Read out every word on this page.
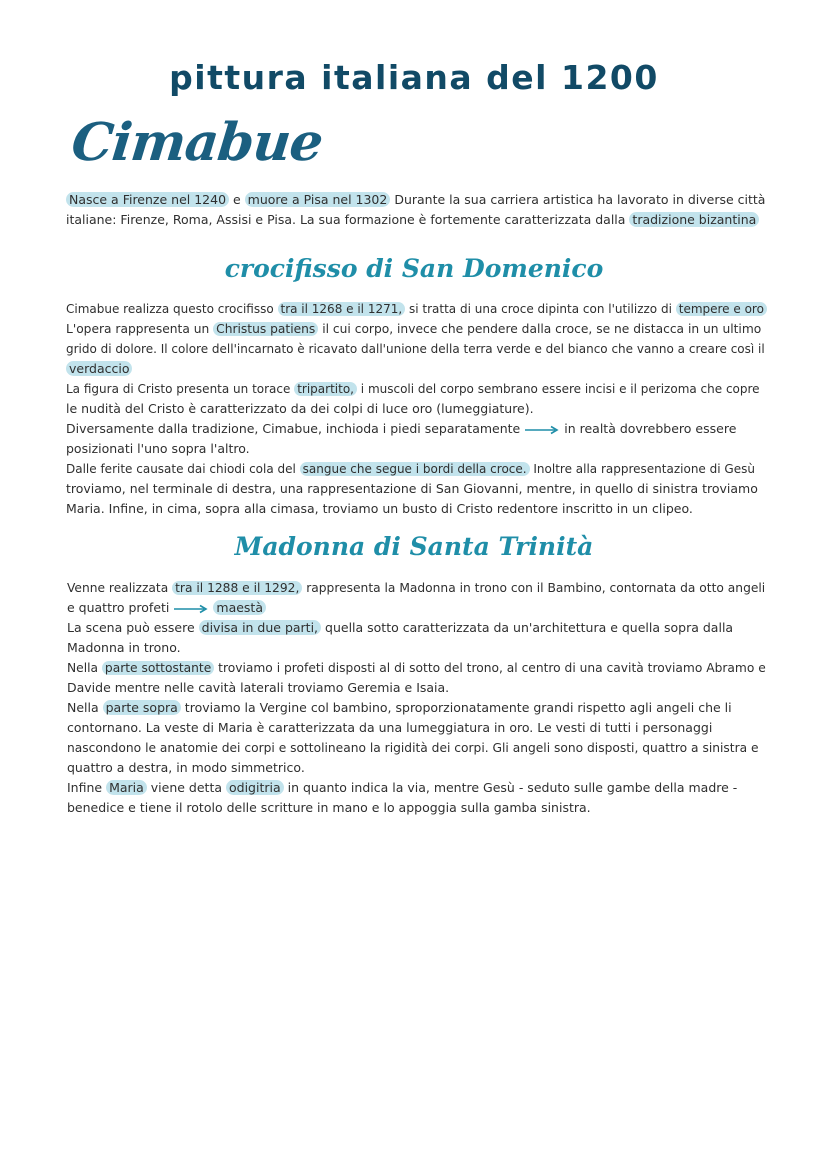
pittura italiana del 1200
Cimabue
Nasce a Firenze nel 1240 e muore a Pisa nel 1302 Durante la sua carriera artistica ha lavorato in diverse città
italiane: Firenze, Roma, Assisi e Pisa. La sua formazione è fortemente caratterizzata dalla tradizione bizantina
crocifisso di San Domenico
Cimabue realizza questo crocifisso tra il 1268 e il 1271, si tratta di una croce dipinta con l'utilizzo di tempere e oro
L'opera rappresenta un Christus patiens il cui corpo, invece che pendere dalla croce, se ne distacca in un ultimo
grido di dolore. Il colore dell'incarnato è ricavato dall'unione della terra verde e del bianco che vanno a creare così il
verdaccio
La figura di Cristo presenta un torace tripartito, i muscoli del corpo sembrano essere incisi e il perizoma che copre
le nudità del Cristo è caratterizzato da dei colpi di luce oro (lumeggiature).
Diversamente dalla tradizione, Cimabue, inchioda i piedi separatamente	in realtà dovrebbero essere
posizionati l'uno sopra l'altro.
Dalle ferite causate dai chiodi cola del sangue che segue i bordi della croce. Inoltre alla rappresentazione di Gesù
troviamo, nel terminale di destra, una rappresentazione di San Giovanni, mentre, in quello di sinistra troviamo
Maria. Infine, in cima, sopra alla cimasa, troviamo un busto di Cristo redentore inscritto in un clipeo.
Madonna di Santa Trinità
Venne realizzata tra il 1288 e il 1292, rappresenta la Madonna in trono con il Bambino, contornata da otto angeli
e quattro profeti	maestà
La scena può essere divisa in due parti, quella sotto caratterizzata da un'architettura e quella sopra dalla
Madonna in trono.
Nella parte sottostante troviamo i profeti disposti al di sotto del trono, al centro di una cavità troviamo Abramo e
Davide mentre nelle cavità laterali troviamo Geremia e Isaia.
Nella parte sopra troviamo la Vergine col bambino, sproporzionatamente grandi rispetto agli angeli che li
contornano. La veste di Maria è caratterizzata da una lumeggiatura in oro. Le vesti di tutti i personaggi
nascondono le anatomie dei corpi e sottolineano la rigidità dei corpi. Gli angeli sono disposti, quattro a sinistra e
quattro a destra, in modo simmetrico.
Infine Maria viene detta odigitria in quanto indica la via, mentre Gesù - seduto sulle gambe della madre -
benedice e tiene il rotolo delle scritture in mano e lo appoggia sulla gamba sinistra.
